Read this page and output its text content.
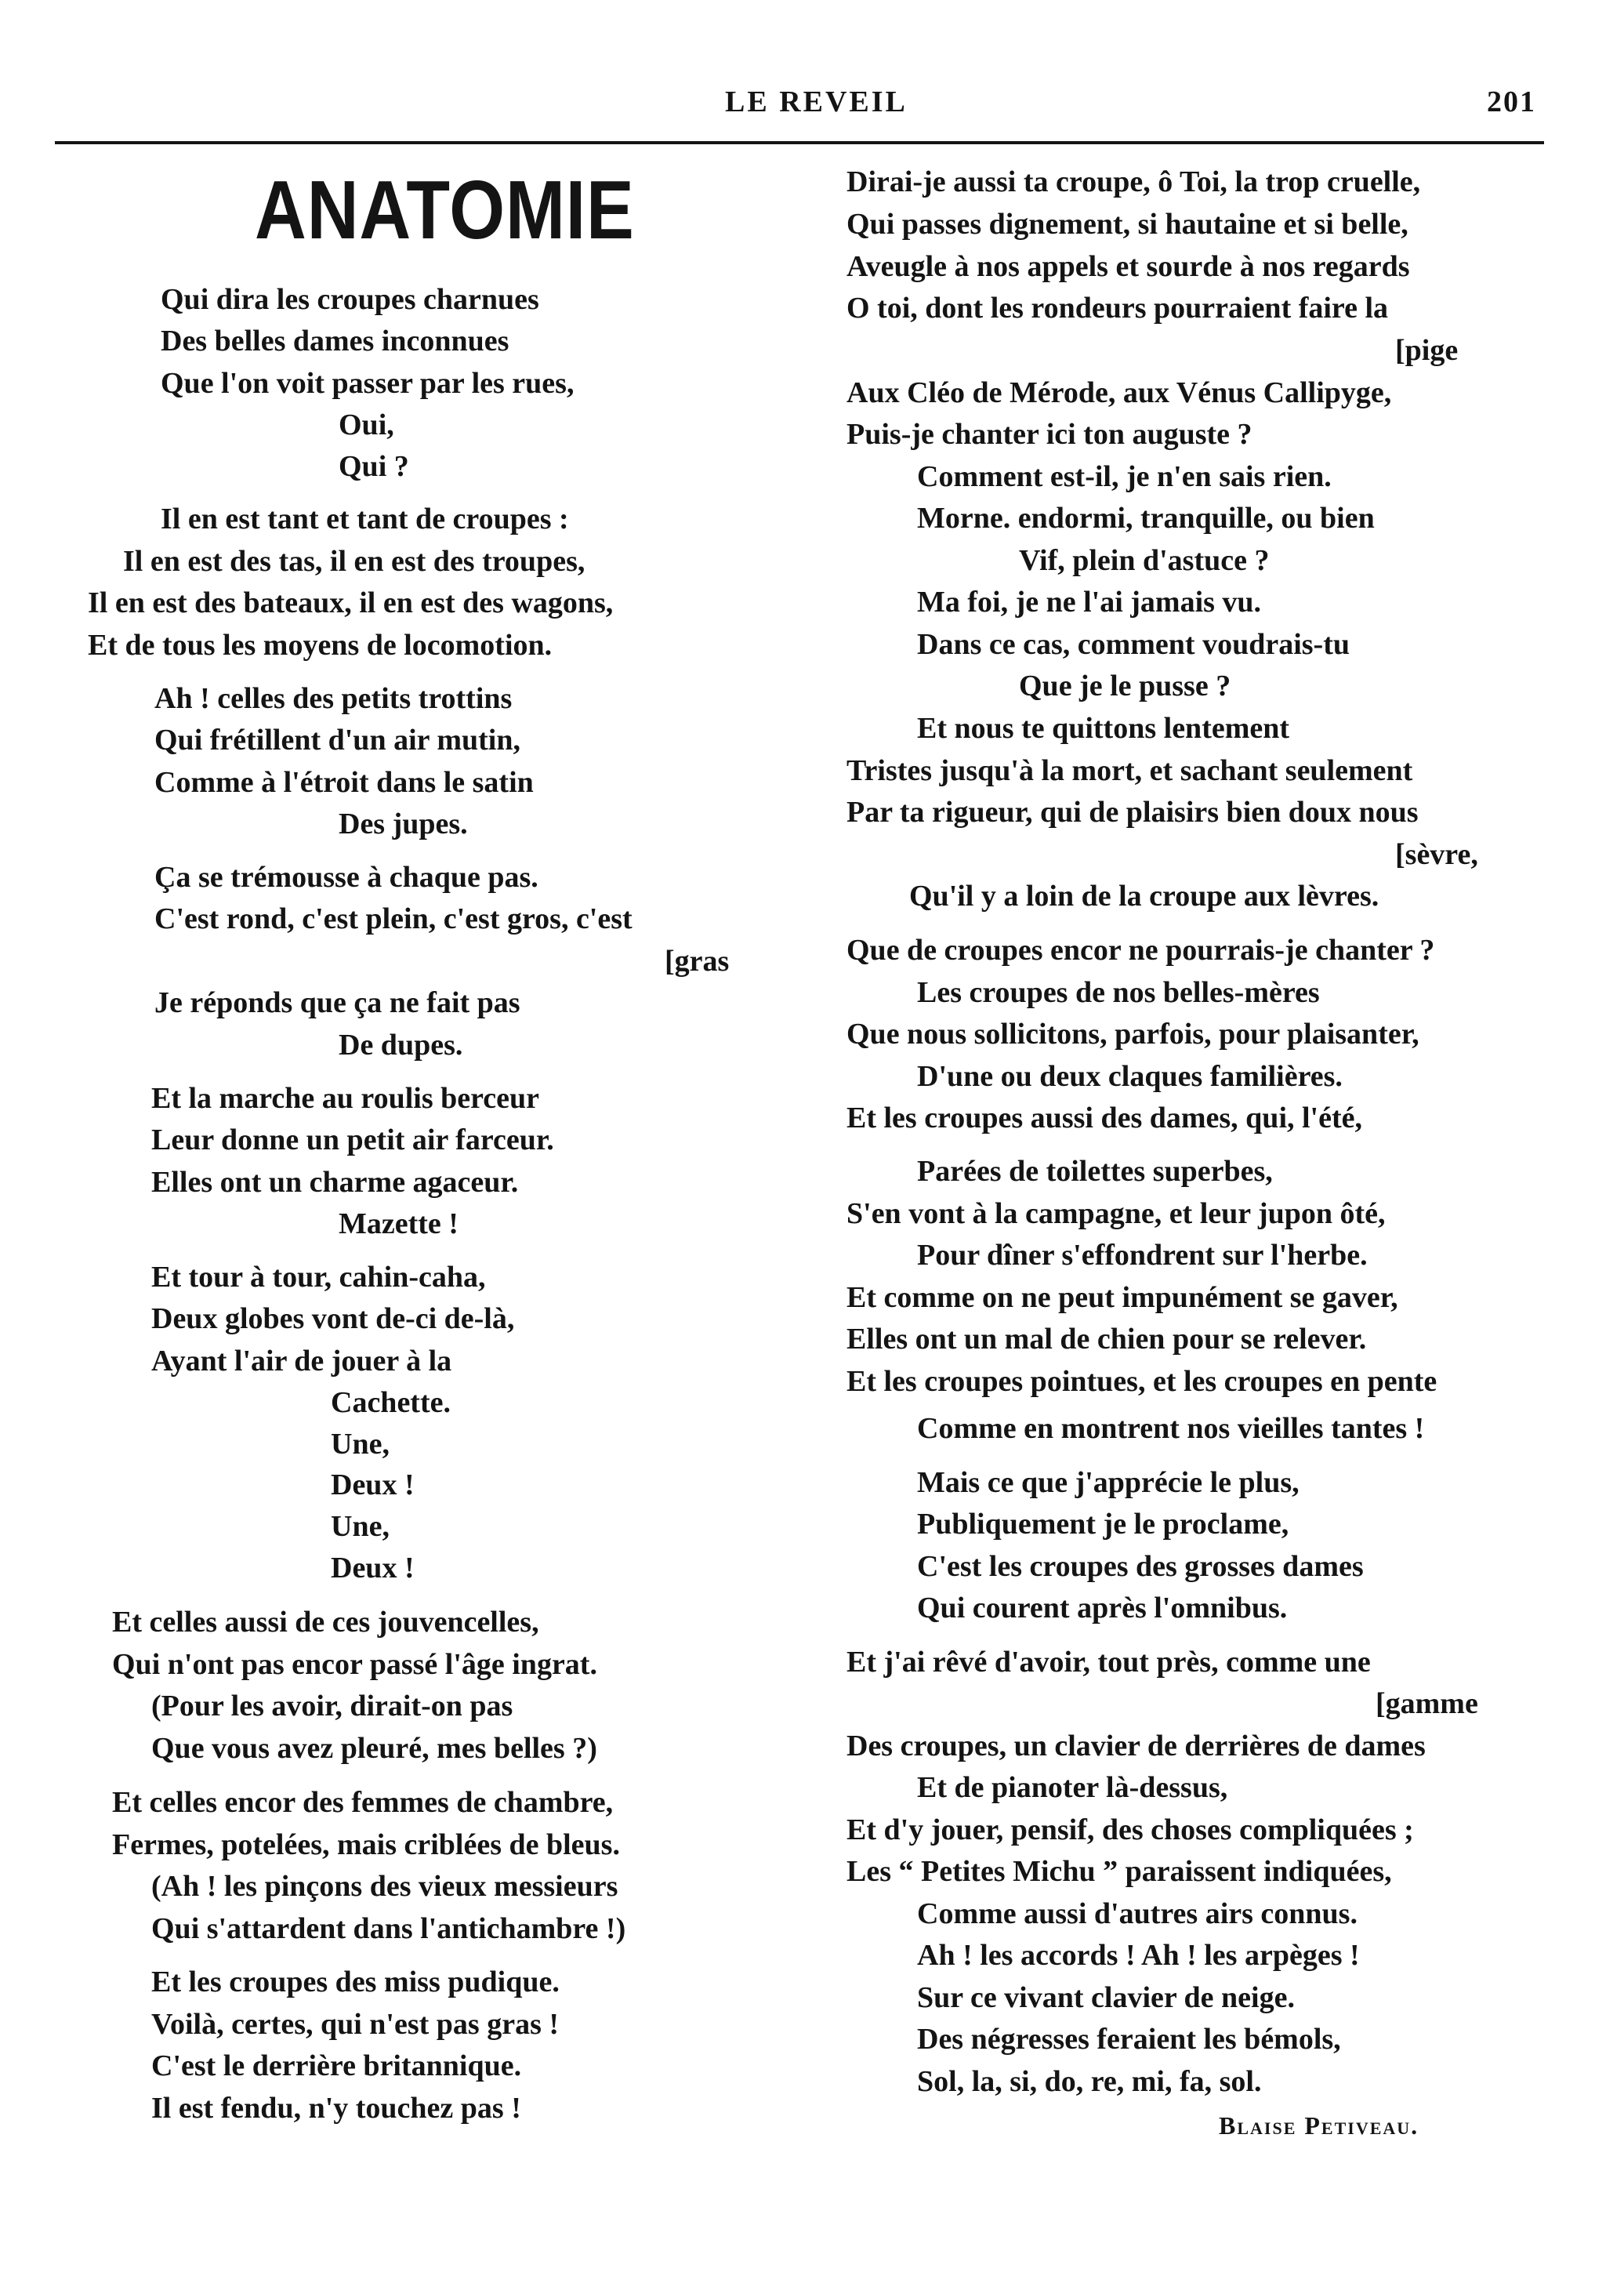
LE REVEIL	201
ANATOMIE
Qui dira les croupes charnues
Des belles dames inconnues
Que l'on voit passer par les rues,
Oui,
Qui ?
Il en est tant et tant de croupes :
Il en est des tas, il en est des troupes,
Il en est des bateaux, il en est des wagons,
Et de tous les moyens de locomotion.
Ah ! celles des petits trottins
Qui frétillent d'un air mutin,
Comme à l'étroit dans le satin
Des jupes.
Ça se trémousse à chaque pas.
C'est rond, c'est plein, c'est gros, c'est
[gras
Je réponds que ça ne fait pas
De dupes.
Et la marche au roulis berceur
Leur donne un petit air farceur.
Elles ont un charme agaceur.
Mazette !
Et tour à tour, cahin-caha,
Deux globes vont de-ci de-là,
Ayant l'air de jouer à la
Cachette.
Une,
Deux !
Une,
Deux !
Et celles aussi de ces jouvencelles,
Qui n'ont pas encor passé l'âge ingrat.
(Pour les avoir, dirait-on pas
Que vous avez pleuré, mes belles ?)
Et celles encor des femmes de chambre,
Fermes, potelées, mais criblées de bleus.
(Ah ! les pinçons des vieux messieurs
Qui s'attardent dans l'antichambre !)
Et les croupes des miss pudique.
Voilà, certes, qui n'est pas gras !
C'est le derrière britannique.
Il est fendu, n'y touchez pas !
Dirai-je aussi ta croupe, ô Toi, la trop cruelle,
Qui passes dignement, si hautaine et si belle,
Aveugle à nos appels et sourde à nos regards
O toi, dont les rondeurs pourraient faire la
[pige
Aux Cléo de Mérode, aux Vénus Callipyge,
Puis-je chanter ici ton auguste ?
Comment est-il, je n'en sais rien.
Morne. endormi, tranquille, ou bien
Vif, plein d'astuce ?
Ma foi, je ne l'ai jamais vu.
Dans ce cas, comment voudrais-tu
Que je le pusse ?
Et nous te quittons lentement
Tristes jusqu'à la mort, et sachant seulement
Par ta rigueur, qui de plaisirs bien doux nous
[sèvre,
Qu'il y a loin de la croupe aux lèvres.
Que de croupes encor ne pourrais-je chanter ?
Les croupes de nos belles-mères
Que nous sollicitons, parfois, pour plaisanter,
D'une ou deux claques familières.
Et les croupes aussi des dames, qui, l'été,
Parées de toilettes superbes,
S'en vont à la campagne, et leur jupon ôté,
Pour dîner s'effondrent sur l'herbe.
Et comme on ne peut impunément se gaver,
Elles ont un mal de chien pour se relever.
Et les croupes pointues, et les croupes en pente
Comme en montrent nos vieilles tantes !
Mais ce que j'apprécie le plus,
Publiquement je le proclame,
C'est les croupes des grosses dames
Qui courent après l'omnibus.
Et j'ai rêvé d'avoir, tout près, comme une
[gamme
Des croupes, un clavier de derrières de dames
Et de pianoter là-dessus,
Et d'y jouer, pensif, des choses compliquées ;
Les “ Petites Michu ” paraissent indiquées,
Comme aussi d'autres airs connus.
Ah ! les accords ! Ah ! les arpèges !
Sur ce vivant clavier de neige.
Des négresses feraient les bémols,
Sol, la, si, do, re, mi, fa, sol.
Blaise Petiveau.
